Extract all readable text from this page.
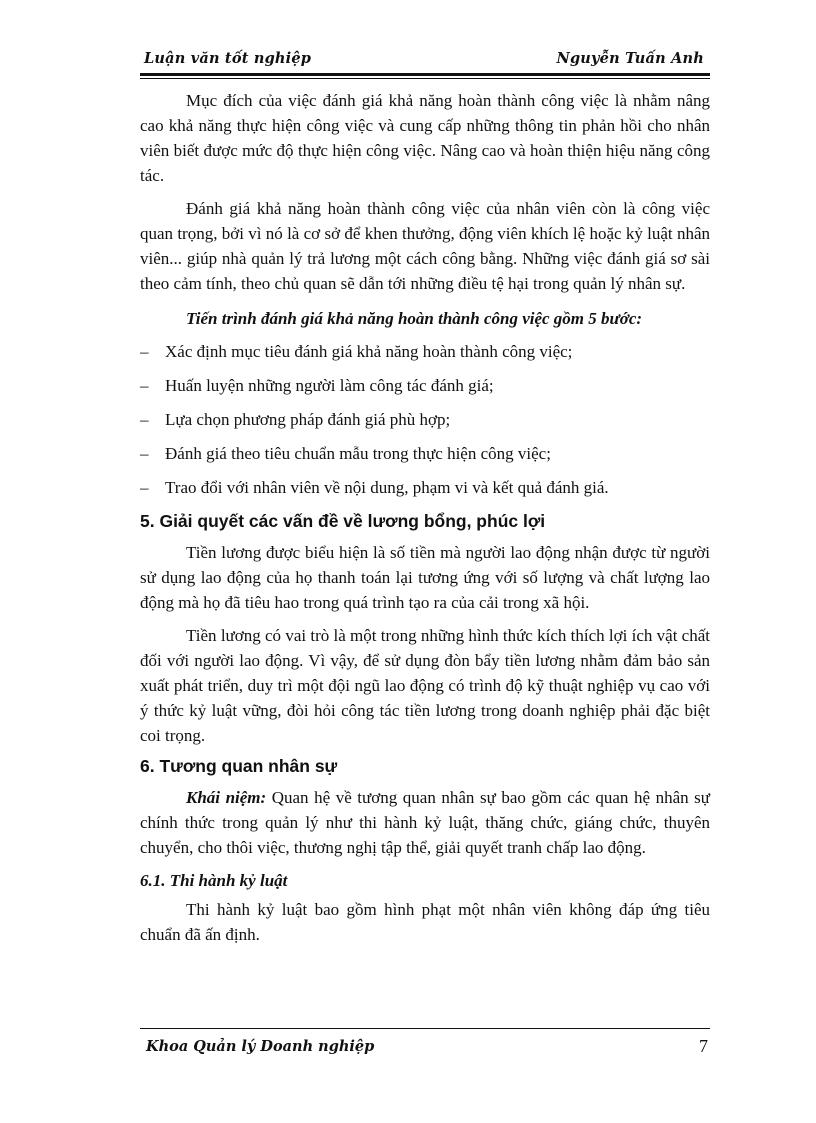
Luận văn tốt nghiệp	Nguyễn Tuấn Anh

Mục đích của việc đánh giá khả năng hoàn thành công việc là nhằm nâng cao khả năng thực hiện công việc và cung cấp những thông tin phản hồi cho nhân viên biết được mức độ thực hiện công việc. Nâng cao và hoàn thiện hiệu năng công tác.

Đánh giá khả năng hoàn thành công việc của nhân viên còn là công việc quan trọng, bởi vì nó là cơ sở để khen thưởng, động viên khích lệ hoặc kỷ luật nhân viên... giúp nhà quản lý trả lương một cách công bằng. Những việc đánh giá sơ sài theo cảm tính, theo chủ quan sẽ dẫn tới những điều tệ hại trong quản lý nhân sự.

Tiến trình đánh giá khả năng hoàn thành công việc gồm 5 bước:

– Xác định mục tiêu đánh giá khả năng hoàn thành công việc;
– Huấn luyện những người làm công tác đánh giá;
– Lựa chọn phương pháp đánh giá phù hợp;
– Đánh giá theo tiêu chuẩn mẫu trong thực hiện công việc;
– Trao đổi với nhân viên về nội dung, phạm vi và kết quả đánh giá.
5. Giải quyết các vấn đề về lương bổng, phúc lợi

Tiền lương được biểu hiện là số tiền mà người lao động nhận được từ người sử dụng lao động của họ thanh toán lại tương ứng với số lượng và chất lượng lao động mà họ đã tiêu hao trong quá trình tạo ra của cải trong xã hội.

Tiền lương có vai trò là một trong những hình thức kích thích lợi ích vật chất đối với người lao động. Vì vậy, để sử dụng đòn bẩy tiền lương nhằm đảm bảo sản xuất phát triển, duy trì một đội ngũ lao động có trình độ kỹ thuật nghiệp vụ cao với ý thức kỷ luật vững, đòi hỏi công tác tiền lương trong doanh nghiệp phải đặc biệt coi trọng.

6. Tương quan nhân sự

Khái niệm: Quan hệ về tương quan nhân sự bao gồm các quan hệ nhân sự chính thức trong quản lý như thi hành kỷ luật, thăng chức, giáng chức, thuyên chuyển, cho thôi việc, thương nghị tập thể, giải quyết tranh chấp lao động.

6.1. Thi hành kỷ luật

Thi hành kỷ luật bao gồm hình phạt một nhân viên không đáp ứng tiêu chuẩn đã ấn định.

Khoa Quản lý Doanh nghiệp	7
